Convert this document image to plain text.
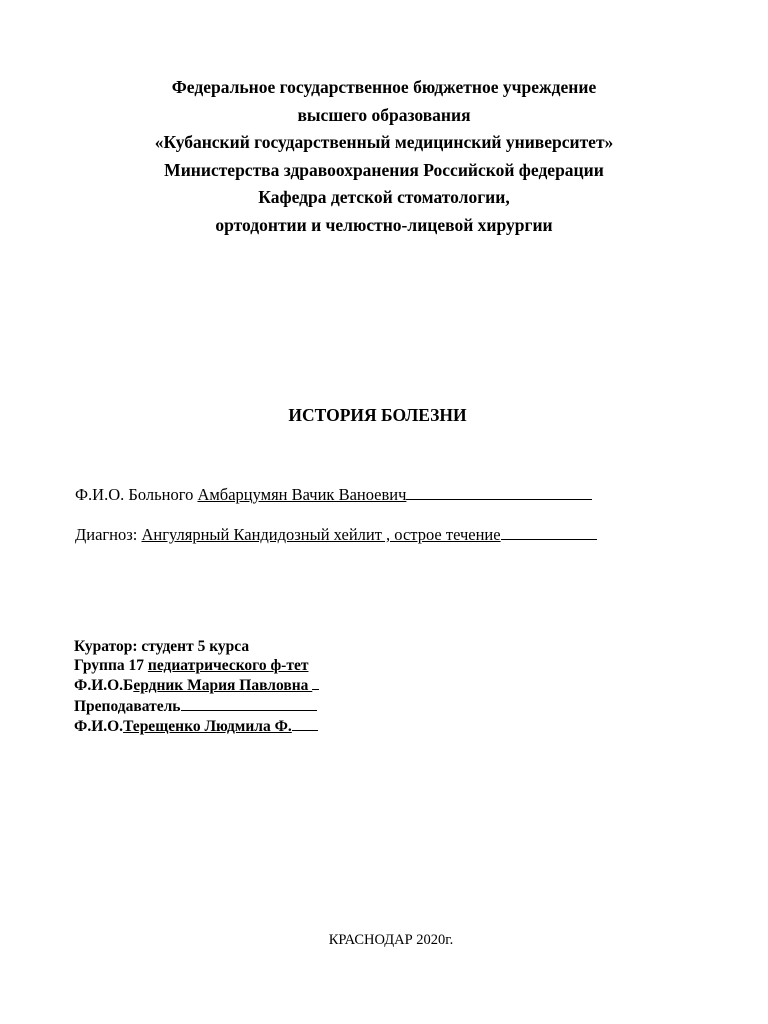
Федеральное государственное бюджетное учреждение
высшего образования
«Кубанский государственный медицинский университет»
Министерства здравоохранения Российской федерации
Кафедра детской стоматологии,
ортодонтии и челюстно-лицевой хирургии
ИСТОРИЯ БОЛЕЗНИ
Ф.И.О. Больного Амбарцумян Вачик Ваноевич
Диагноз: Ангулярный Кандидозный хейлит , острое течение
Куратор: студент 5 курса
Группа 17 педиатрического ф-тет
Ф.И.О.Бердник Мария Павловна
Преподаватель
Ф.И.О.Терещенко Людмила Ф.
КРАСНОДАР 2020г.
